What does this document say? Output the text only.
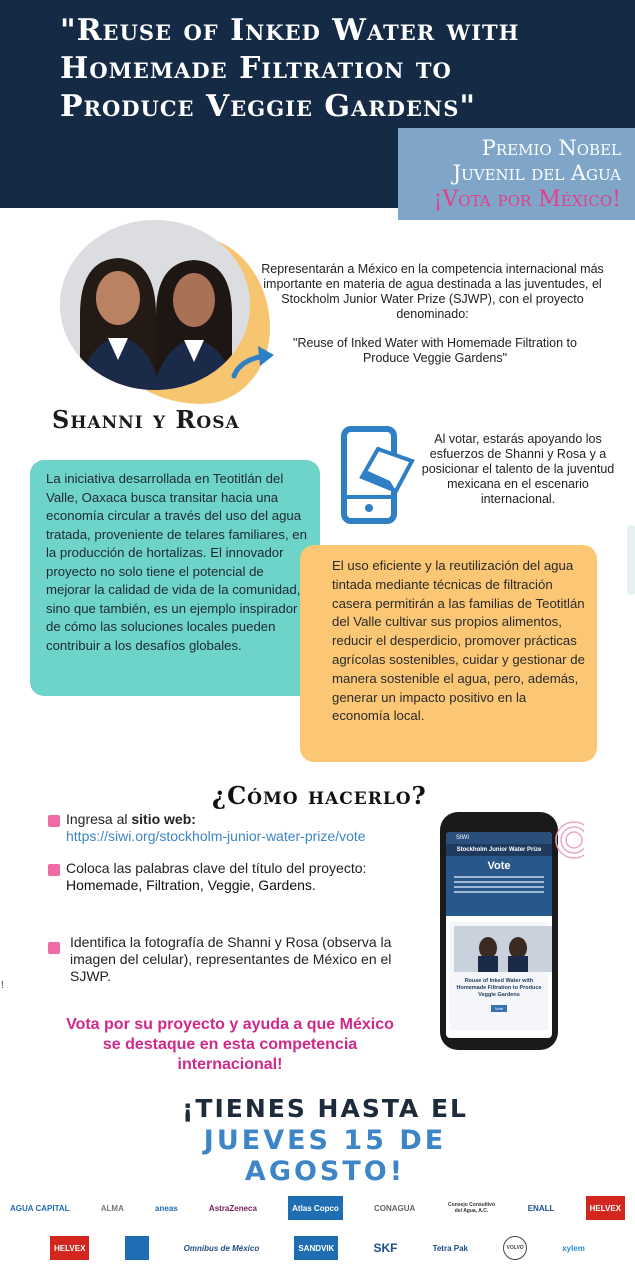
"Reuse of Inked Water with Homemade Filtration to Produce Veggie Gardens"
Premio Nobel
Juvenil del Agua
¡Vota por México!
Shanni y Rosa
Representarán a México en la competencia internacional más importante en materia de agua destinada a las juventudes, el Stockholm Junior Water Prize (SJWP), con el proyecto denominado:
"Reuse of Inked Water with Homemade Filtration to Produce Veggie Gardens"
Al votar, estarás apoyando los esfuerzos de Shanni y Rosa y a posicionar el talento de la juventud mexicana en el escenario internacional.
La iniciativa desarrollada en Teotitlán del Valle, Oaxaca busca transitar hacia una economía circular a través del uso del agua tratada, proveniente de telares familiares, en la producción de hortalizas. El innovador proyecto no solo tiene el potencial de mejorar la calidad de vida de la comunidad, sino que también, es un ejemplo inspirador de cómo las soluciones locales pueden contribuir a los desafíos globales.
El uso eficiente y la reutilización del agua tintada mediante técnicas de filtración casera permitirán a las familias de Teotitlán del Valle cultivar sus propios alimentos, reducir el desperdicio, promover prácticas agrícolas sostenibles, cuidar y gestionar de manera sostenible el agua, pero, además, generar un impacto positivo en la economía local.
¿Cómo hacerlo?
Ingresa al sitio web:
https://siwi.org/stockholm-junior-water-prize/vote
Coloca las palabras clave del título del proyecto:
Homemade, Filtration, Veggie, Gardens.
Identifica la fotografía de Shanni y Rosa (observa la imagen del celular), representantes de México en el SJWP.
!
Vota por su proyecto y ayuda a que México se destaque en esta competencia internacional!
SIWI
Stockholm Junior Water Prize
Vote
Reuse of Inked Water with Homemade Filtration to Produce Veggie Gardens
Vote
¡TIENES HASTA EL
JUEVES 15 DE AGOSTO!
AGUA CAPITAL	ALMA	aneas	AstraZeneca	Atlas Copco	CONAGUA	Consejo Consultivo del Agua, A.C.	ENALL	HELVEX
HELVEX	Omnibus de México	SANDVIK	SKF	Tetra Pak	VOLVO	xylem
